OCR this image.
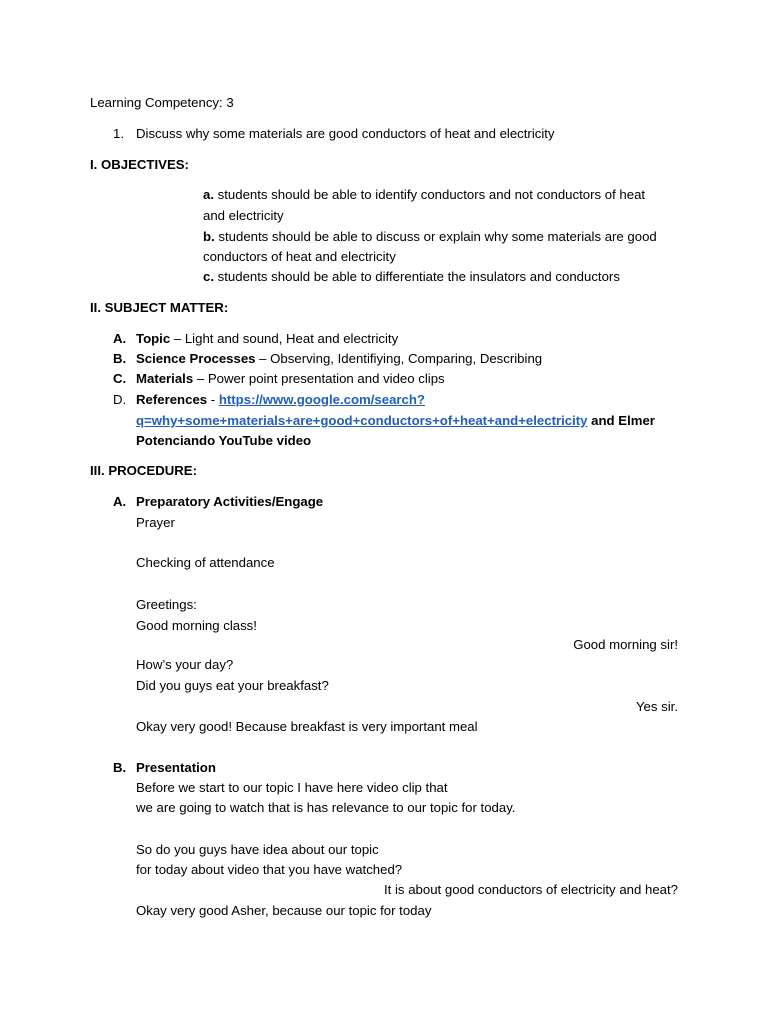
Learning Competency: 3
1. Discuss why some materials are good conductors of heat and electricity
I. OBJECTIVES:
a. students should be able to identify conductors and not conductors of heat
and electricity
b. students should be able to discuss or explain why some materials are good
conductors of heat and electricity
c. students should be able to differentiate the insulators and conductors
II. SUBJECT MATTER:
A. Topic – Light and sound, Heat and electricity
B. Science Processes – Observing, Identifiying, Comparing, Describing
C. Materials – Power point presentation and video clips
D. References - https://www.google.com/search?
q=why+some+materials+are+good+conductors+of+heat+and+electricity and Elmer
Potenciando YouTube video
III. PROCEDURE:
A. Preparatory Activities/Engage
Prayer
Checking of attendance
Greetings:
Good morning class!
Good morning sir!
How’s your day?
Did you guys eat your breakfast?
Yes sir.
Okay very good! Because breakfast is very important meal
B. Presentation
Before we start to our topic I have here video clip that
we are going to watch that is has relevance to our topic for today.
So do you guys have idea about our topic
for today about video that you have watched?
It is about good conductors of electricity and heat?
Okay very good Asher, because our topic for today
